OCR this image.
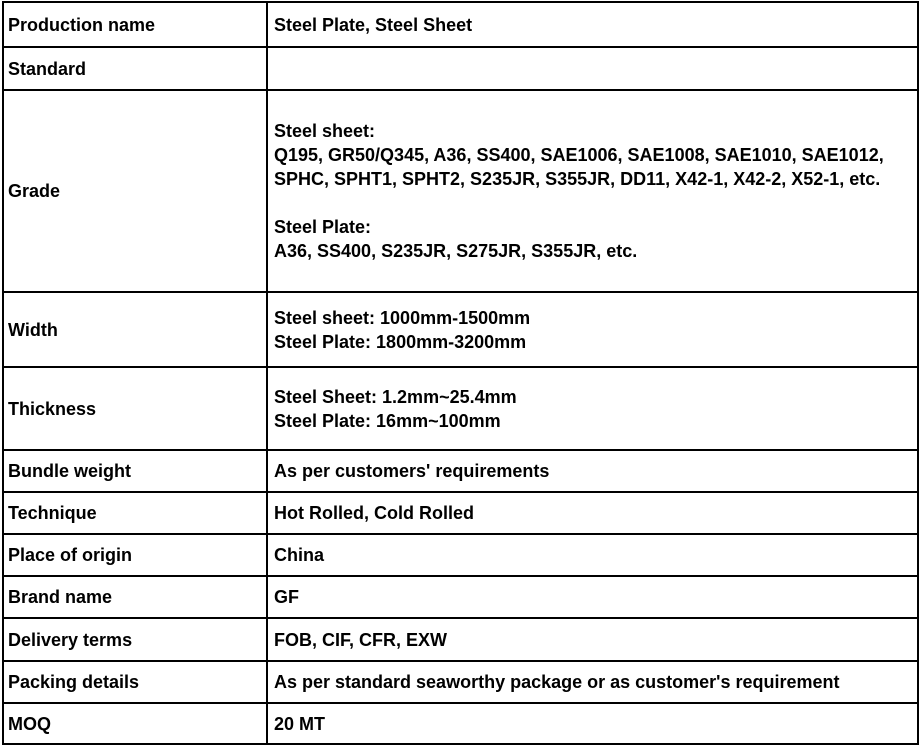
Production name	Steel Plate, Steel Sheet
Standard	
Grade	Steel sheet:
Q195, GR50/Q345, A36, SS400, SAE1006, SAE1008, SAE1010, SAE1012,
SPHC, SPHT1, SPHT2, S235JR, S355JR, DD11, X42-1, X42-2, X52-1, etc.
Steel Plate:
A36, SS400, S235JR, S275JR, S355JR, etc.

Width	Steel sheet: 1000mm-1500mm
Steel Plate: 1800mm-3200mm

Thickness	Steel Sheet: 1.2mm~25.4mm
Steel Plate: 16mm~100mm

Bundle weight	As per customers' requirements
Technique	Hot Rolled, Cold Rolled
Place of origin	China
Brand name	GF
Delivery terms	FOB, CIF, CFR, EXW
Packing details	As per standard seaworthy package or as customer's requirement
MOQ	20 MT
